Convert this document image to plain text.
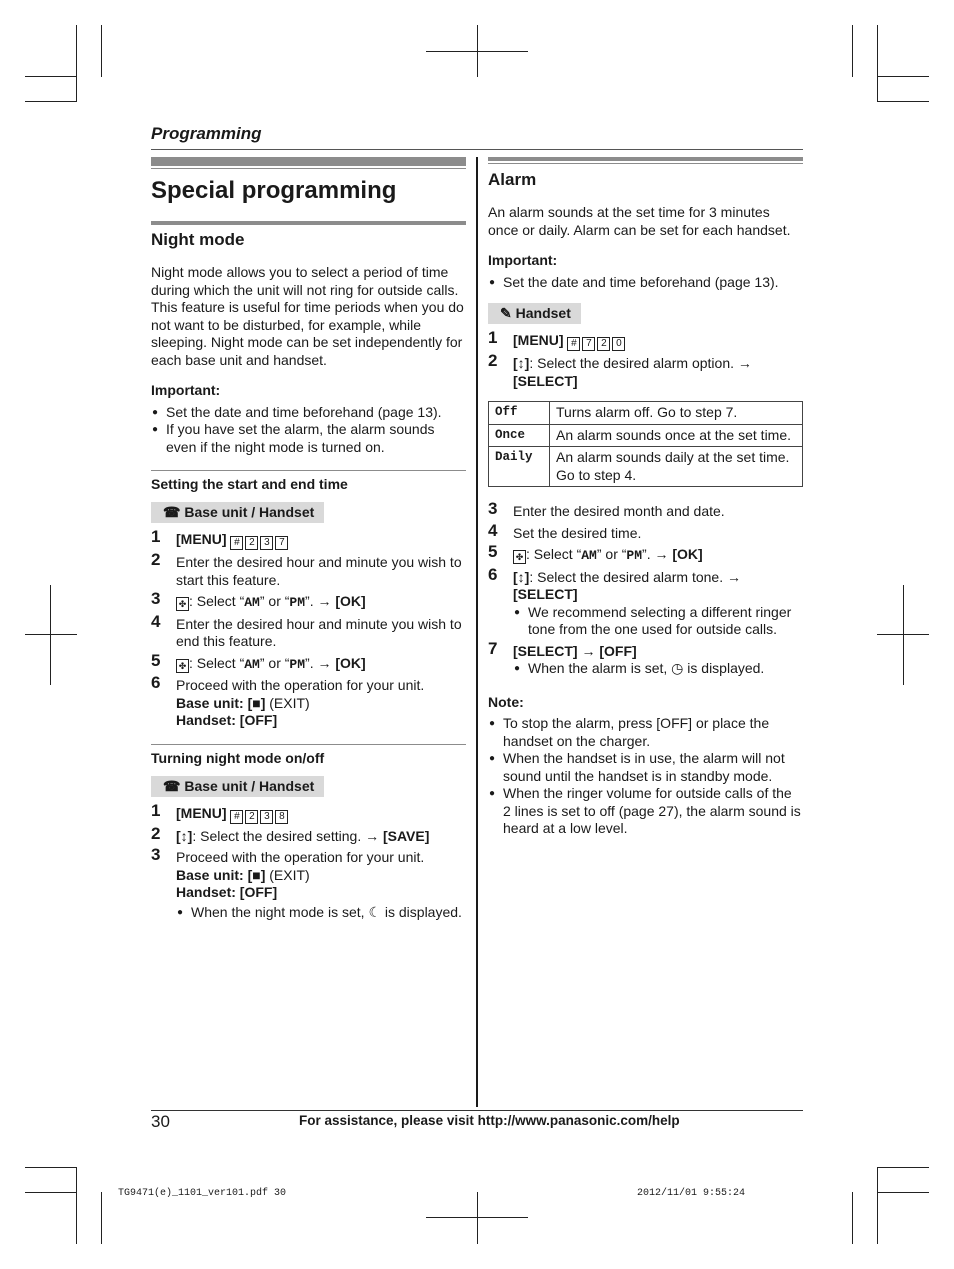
Programming
Special programming
Night mode

Night mode allows you to select a period of time during which the unit will not ring for outside calls. This feature is useful for time periods when you do not want to be disturbed, for example, while sleeping. Night mode can be set independently for each base unit and handset.

Important:

● Set the date and time beforehand (page 13).
● If you have set the alarm, the alarm sounds even if the night mode is turned on.
Setting the start and end time
☎︎ Base unit / Handset
1 [MENU] # 2 3 7
2 Enter the desired hour and minute you wish to start this feature.
3 ✤ : Select “AM” or “PM”. → [OK]
4 Enter the desired hour and minute you wish to end this feature.
5 ✤ : Select “AM” or “PM”. → [OK]
6 Proceed with the operation for your unit.
Base unit: [■] (EXIT)
Handset: [OFF]
Turning night mode on/off
☎︎ Base unit / Handset
1 [MENU] # 2 3 8
2 [↕]: Select the desired setting. → [SAVE]
3 Proceed with the operation for your unit.
Base unit: [■] (EXIT)
Handset: [OFF]
● When the night mode is set, ☾ is displayed.
Alarm

An alarm sounds at the set time for 3 minutes once or daily. Alarm can be set for each handset.

Important:

● Set the date and time beforehand (page 13).
✎ Handset
1 [MENU] # 7 2 0
2 [↕]: Select the desired alarm option. →
[SELECT]
Off	Turns alarm off. Go to step 7.
Once	An alarm sounds once at the set time.
Daily	An alarm sounds daily at the set time. Go to step 4.
3 Enter the desired month and date.
4 Set the desired time.
5 ✤ : Select “AM” or “PM”. → [OK]
6 [↕]: Select the desired alarm tone. →
[SELECT]
● We recommend selecting a different ringer tone from the one used for outside calls.
7 [SELECT] → [OFF]
● When the alarm is set, ◷ is displayed.

Note:

● To stop the alarm, press [OFF] or place the handset on the charger.
● When the handset is in use, the alarm will not sound until the handset is in standby mode.
● When the ringer volume for outside calls of the 2 lines is set to off (page 27), the alarm sound is heard at a low level.
30	For assistance, please visit http://www.panasonic.com/help
TG9471(e)_1101_ver101.pdf 30	2012/11/01 9:55:24
